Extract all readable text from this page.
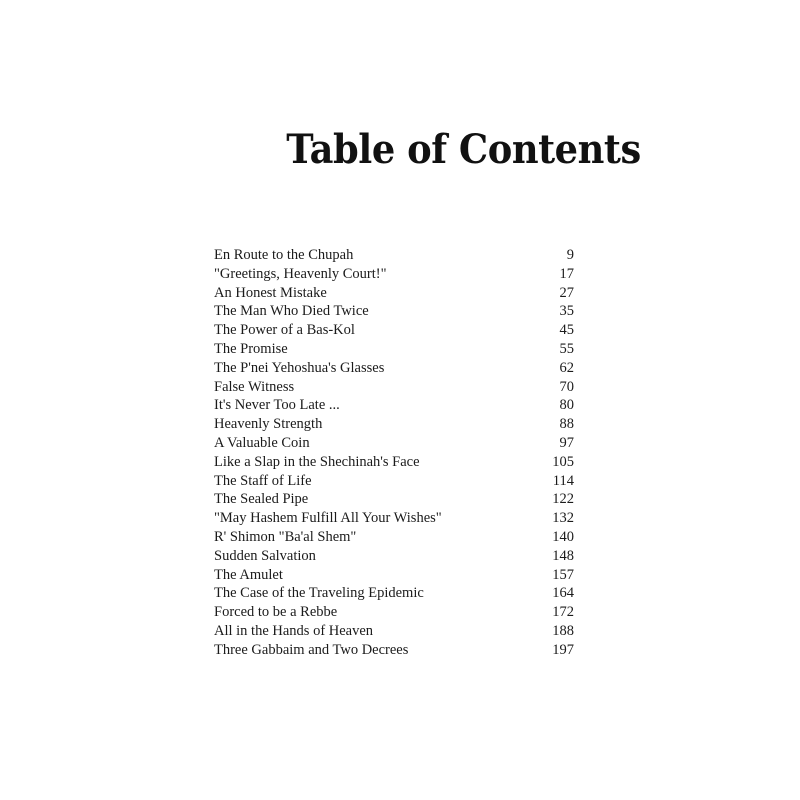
Table of Contents
En Route to the Chupah	9
"Greetings, Heavenly Court!"	17
An Honest Mistake	27
The Man Who Died Twice	35
The Power of a Bas-Kol	45
The Promise	55
The P'nei Yehoshua's Glasses	62
False Witness	70
It's Never Too Late ...	80
Heavenly Strength	88
A Valuable Coin	97
Like a Slap in the Shechinah's Face	105
The Staff of Life	114
The Sealed Pipe	122
"May Hashem Fulfill All Your Wishes"	132
R' Shimon "Ba'al Shem"	140
Sudden Salvation	148
The Amulet	157
The Case of the Traveling Epidemic	164
Forced to be a Rebbe	172
All in the Hands of Heaven	188
Three Gabbaim and Two Decrees	197
